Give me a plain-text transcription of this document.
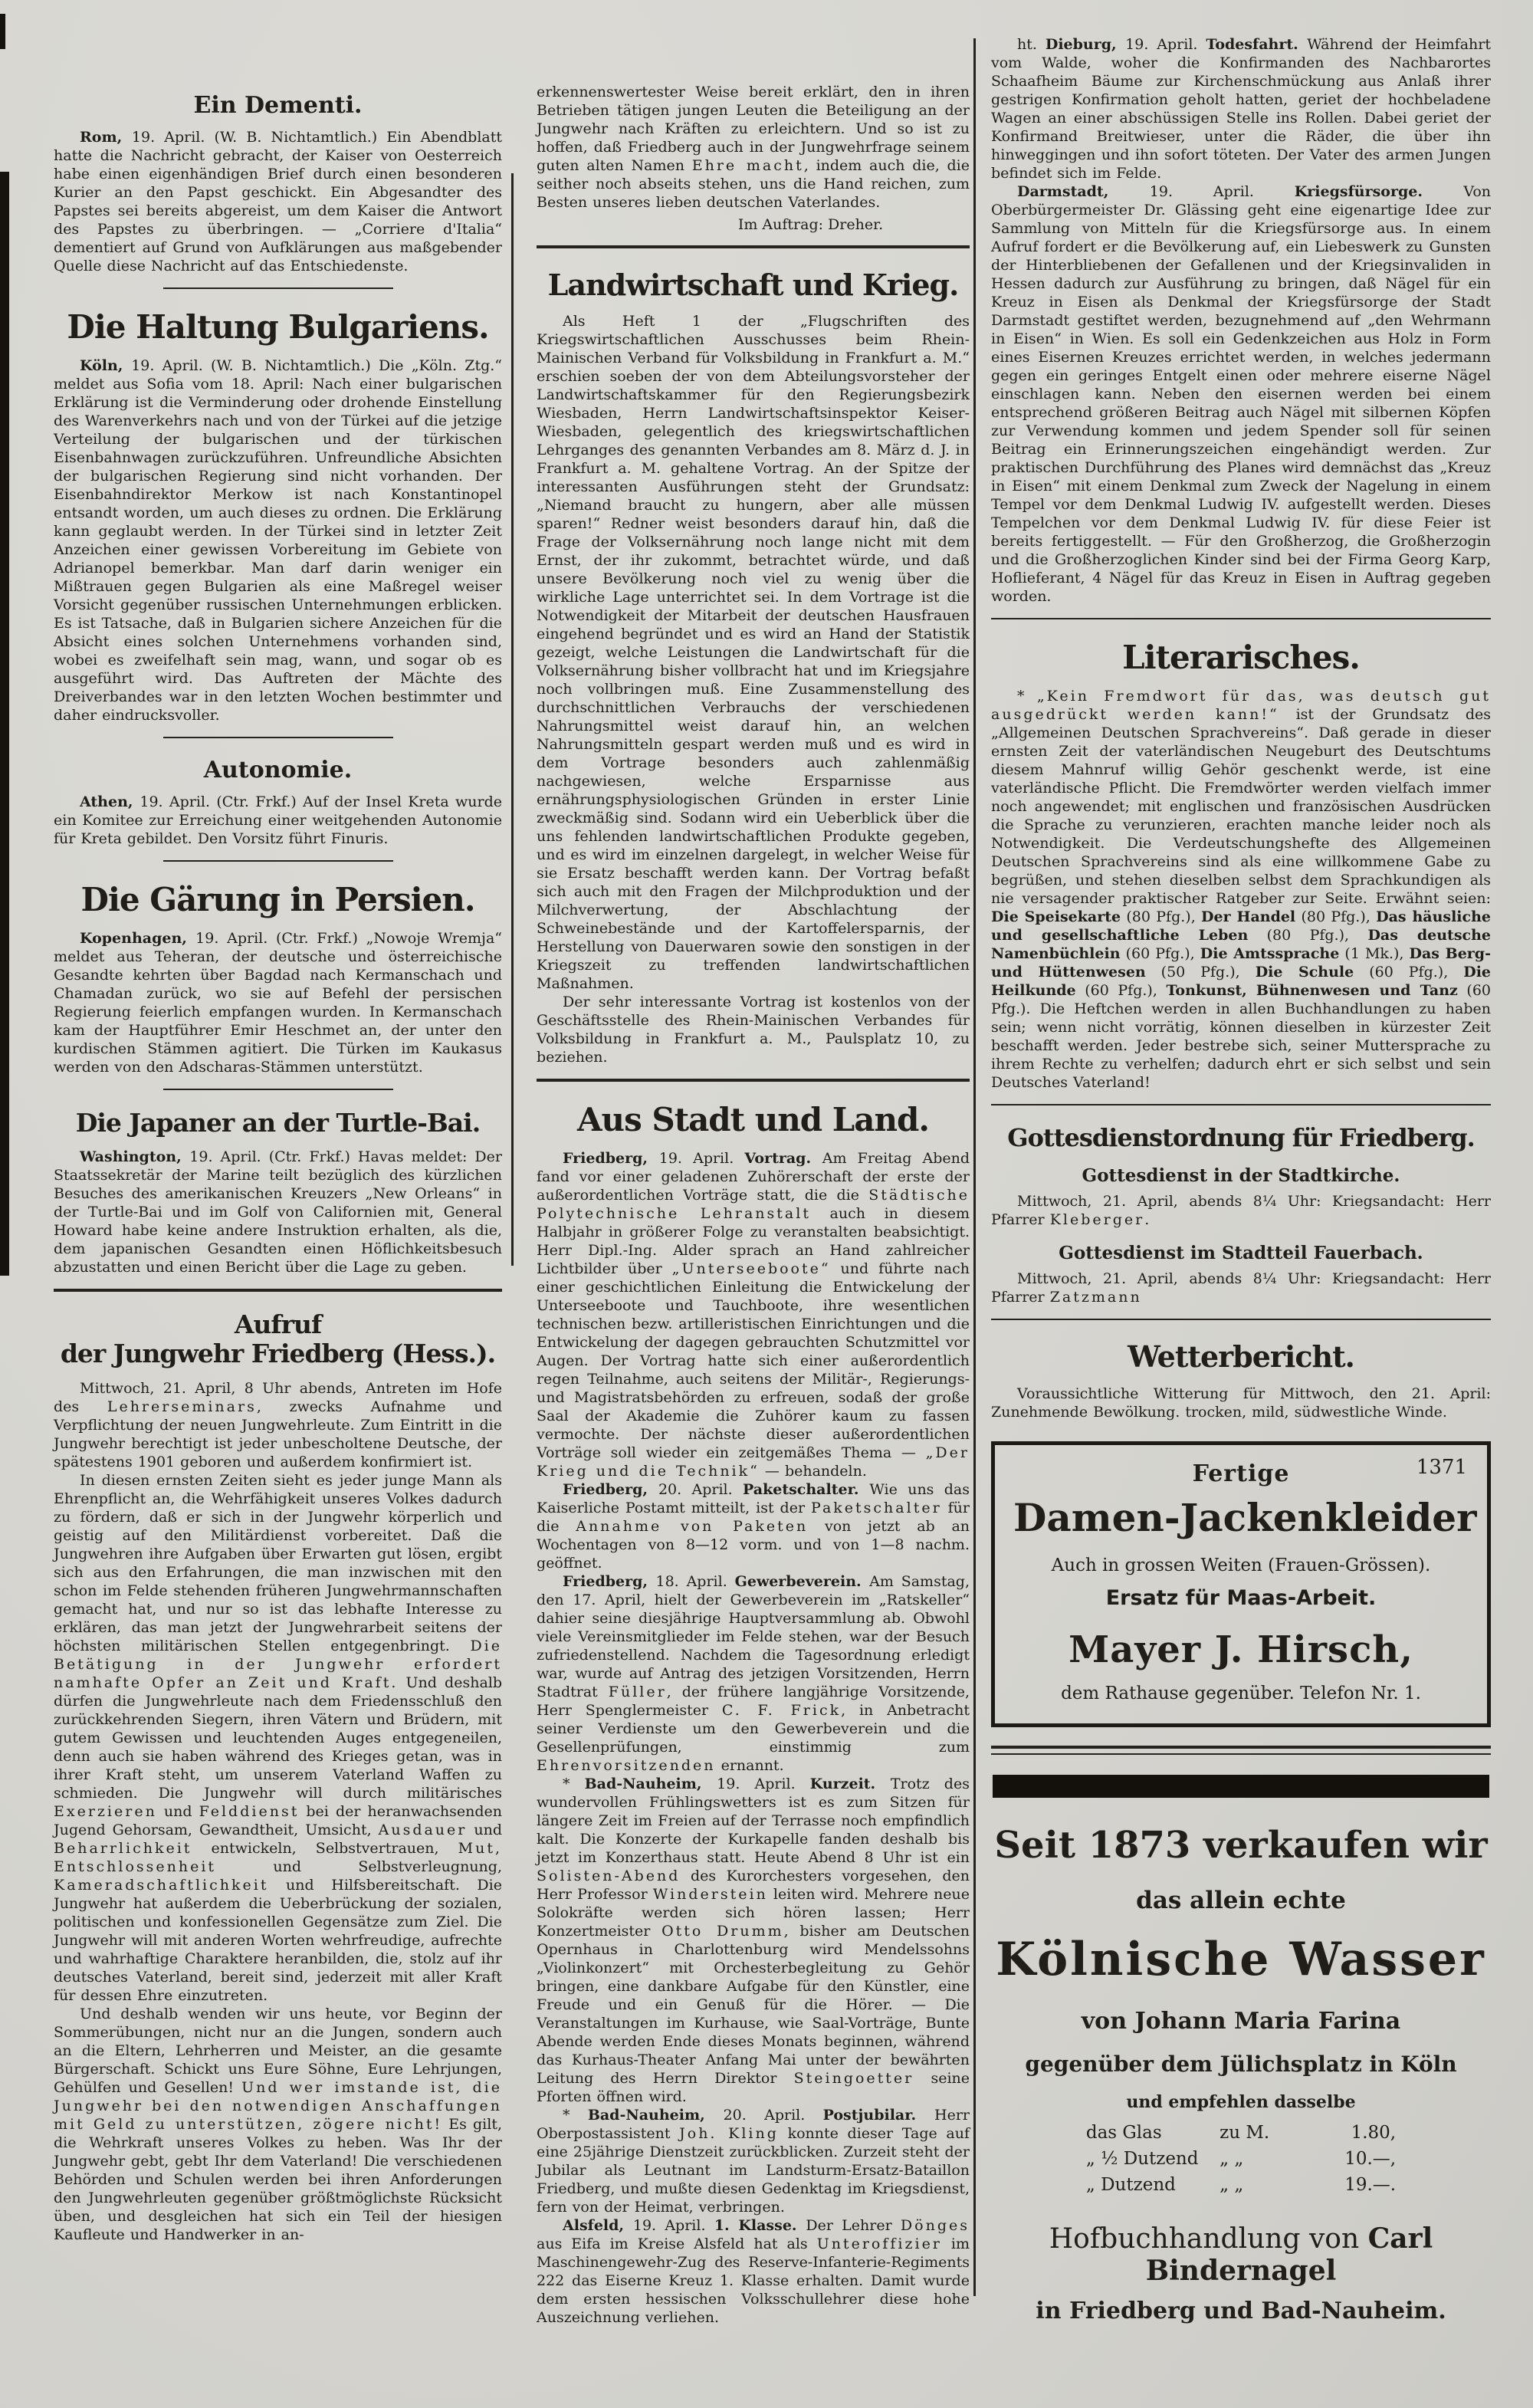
Ein Dementi.

Rom, 19. April. (W. B. Nichtamtlich.) Ein Abendblatt hatte die Nachricht gebracht, der Kaiser von Oesterreich habe einen eigenhändigen Brief durch einen besonderen Kurier an den Papst geschickt. Ein Abgesandter des Papstes sei bereits abgereist, um dem Kaiser die Antwort des Papstes zu überbringen. — „Corriere d'Italia“ dementiert auf Grund von Aufklärungen aus maßgebender Quelle diese Nachricht auf das Entschiedenste.

Die Haltung Bulgariens.

Köln, 19. April. (W. B. Nichtamtlich.) Die „Köln. Ztg.“ meldet aus Sofia vom 18. April: Nach einer bulgarischen Erklärung ist die Verminderung oder drohende Einstellung des Warenverkehrs nach und von der Türkei auf die jetzige Verteilung der bulgarischen und der türkischen Eisenbahnwagen zurückzuführen. Unfreundliche Absichten der bulgarischen Regierung sind nicht vorhanden. Der Eisenbahndirektor Merkow ist nach Konstantinopel entsandt worden, um auch dieses zu ordnen. Die Erklärung kann geglaubt werden. In der Türkei sind in letzter Zeit Anzeichen einer gewissen Vorbereitung im Gebiete von Adrianopel bemerkbar. Man darf darin weniger ein Mißtrauen gegen Bulgarien als eine Maßregel weiser Vorsicht gegenüber russischen Unternehmungen erblicken. Es ist Tatsache, daß in Bulgarien sichere Anzeichen für die Absicht eines solchen Unternehmens vorhanden sind, wobei es zweifelhaft sein mag, wann, und sogar ob es ausgeführt wird. Das Auftreten der Mächte des Dreiverbandes war in den letzten Wochen bestimmter und daher eindrucksvoller.

Autonomie.

Athen, 19. April. (Ctr. Frkf.) Auf der Insel Kreta wurde ein Komitee zur Erreichung einer weitgehenden Autonomie für Kreta gebildet. Den Vorsitz führt Finuris.

Die Gärung in Persien.

Kopenhagen, 19. April. (Ctr. Frkf.) „Nowoje Wremja“ meldet aus Teheran, der deutsche und österreichische Gesandte kehrten über Bagdad nach Kermanschach und Chamadan zurück, wo sie auf Befehl der persischen Regierung feierlich empfangen wurden. In Kermanschach kam der Hauptführer Emir Heschmet an, der unter den kurdischen Stämmen agitiert. Die Türken im Kaukasus werden von den Adscharas-Stämmen unterstützt.

Die Japaner an der Turtle-Bai.

Washington, 19. April. (Ctr. Frkf.) Havas meldet: Der Staatssekretär der Marine teilt bezüglich des kürzlichen Besuches des amerikanischen Kreuzers „New Orleans“ in der Turtle-Bai und im Golf von Californien mit, General Howard habe keine andere Instruktion erhalten, als die, dem japanischen Gesandten einen Höflichkeitsbesuch abzustatten und einen Bericht über die Lage zu geben.

Aufruf
der Jungwehr Friedberg (Hess.).

Mittwoch, 21. April, 8 Uhr abends, Antreten im Hofe des Lehrerseminars, zwecks Aufnahme und Verpflichtung der neuen Jungwehrleute. Zum Eintritt in die Jungwehr berechtigt ist jeder unbescholtene Deutsche, der spätestens 1901 geboren und außerdem konfirmiert ist.

In diesen ernsten Zeiten sieht es jeder junge Mann als Ehrenpflicht an, die Wehrfähigkeit unseres Volkes dadurch zu fördern, daß er sich in der Jungwehr körperlich und geistig auf den Militärdienst vorbereitet. Daß die Jungwehren ihre Aufgaben über Erwarten gut lösen, ergibt sich aus den Erfahrungen, die man inzwischen mit den schon im Felde stehenden früheren Jungwehrmannschaften gemacht hat, und nur so ist das lebhafte Interesse zu erklären, das man jetzt der Jungwehrarbeit seitens der höchsten militärischen Stellen entgegenbringt. Die Betätigung in der Jungwehr erfordert namhafte Opfer an Zeit und Kraft. Und deshalb dürfen die Jungwehrleute nach dem Friedensschluß den zurückkehrenden Siegern, ihren Vätern und Brüdern, mit gutem Gewissen und leuchtenden Auges entgegeneilen, denn auch sie haben während des Krieges getan, was in ihrer Kraft steht, um unserem Vaterland Waffen zu schmieden. Die Jungwehr will durch militärisches Exerzieren und Felddienst bei der heranwachsenden Jugend Gehorsam, Gewandtheit, Umsicht, Ausdauer und Beharrlichkeit entwickeln, Selbstvertrauen, Mut, Entschlossenheit und Selbstverleugnung, Kameradschaftlichkeit und Hilfsbereitschaft. Die Jungwehr hat außerdem die Ueberbrückung der sozialen, politischen und konfessionellen Gegensätze zum Ziel. Die Jungwehr will mit anderen Worten wehrfreudige, aufrechte und wahrhaftige Charaktere heranbilden, die, stolz auf ihr deutsches Vaterland, bereit sind, jederzeit mit aller Kraft für dessen Ehre einzutreten.

Und deshalb wenden wir uns heute, vor Beginn der Sommerübungen, nicht nur an die Jungen, sondern auch an die Eltern, Lehrherren und Meister, an die gesamte Bürgerschaft. Schickt uns Eure Söhne, Eure Lehrjungen, Gehülfen und Gesellen! Und wer imstande ist, die Jungwehr bei den notwendigen Anschaffungen mit Geld zu unterstützen, zögere nicht! Es gilt, die Wehrkraft unseres Volkes zu heben. Was Ihr der Jungwehr gebt, gebt Ihr dem Vaterland! Die verschiedenen Behörden und Schulen werden bei ihren Anforderungen den Jungwehrleuten gegenüber größtmöglichste Rücksicht üben, und desgleichen hat sich ein Teil der hiesigen Kaufleute und Handwerker in an-

erkennenswertester Weise bereit erklärt, den in ihren Betrieben tätigen jungen Leuten die Beteiligung an der Jungwehr nach Kräften zu erleichtern. Und so ist zu hoffen, daß Friedberg auch in der Jungwehrfrage seinem guten alten Namen Ehre macht, indem auch die, die seither noch abseits stehen, uns die Hand reichen, zum Besten unseres lieben deutschen Vaterlandes.

Im Auftrag: Dreher.
Landwirtschaft und Krieg.

Als Heft 1 der „Flugschriften des Kriegswirtschaftlichen Ausschusses beim Rhein-Mainischen Verband für Volksbildung in Frankfurt a. M.“ erschien soeben der von dem Abteilungsvorsteher der Landwirtschaftskammer für den Regierungsbezirk Wiesbaden, Herrn Landwirtschaftsinspektor Keiser-Wiesbaden, gelegentlich des kriegswirtschaftlichen Lehrganges des genannten Verbandes am 8. März d. J. in Frankfurt a. M. gehaltene Vortrag. An der Spitze der interessanten Ausführungen steht der Grundsatz: „Niemand braucht zu hungern, aber alle müssen sparen!“ Redner weist besonders darauf hin, daß die Frage der Volksernährung noch lange nicht mit dem Ernst, der ihr zukommt, betrachtet würde, und daß unsere Bevölkerung noch viel zu wenig über die wirkliche Lage unterrichtet sei. In dem Vortrage ist die Notwendigkeit der Mitarbeit der deutschen Hausfrauen eingehend begründet und es wird an Hand der Statistik gezeigt, welche Leistungen die Landwirtschaft für die Volksernährung bisher vollbracht hat und im Kriegsjahre noch vollbringen muß. Eine Zusammenstellung des durchschnittlichen Verbrauchs der verschiedenen Nahrungsmittel weist darauf hin, an welchen Nahrungsmitteln gespart werden muß und es wird in dem Vortrage besonders auch zahlenmäßig nachgewiesen, welche Ersparnisse aus ernährungsphysiologischen Gründen in erster Linie zweckmäßig sind. Sodann wird ein Ueberblick über die uns fehlenden landwirtschaftlichen Produkte gegeben, und es wird im einzelnen dargelegt, in welcher Weise für sie Ersatz beschafft werden kann. Der Vortrag befaßt sich auch mit den Fragen der Milchproduktion und der Milchverwertung, der Abschlachtung der Schweinebestände und der Kartoffelersparnis, der Herstellung von Dauerwaren sowie den sonstigen in der Kriegszeit zu treffenden landwirtschaftlichen Maßnahmen.

Der sehr interessante Vortrag ist kostenlos von der Geschäftsstelle des Rhein-Mainischen Verbandes für Volksbildung in Frankfurt a. M., Paulsplatz 10, zu beziehen.

Aus Stadt und Land.

Friedberg, 19. April. Vortrag. Am Freitag Abend fand vor einer geladenen Zuhörerschaft der erste der außerordentlichen Vorträge statt, die die Städtische Polytechnische Lehranstalt auch in diesem Halbjahr in größerer Folge zu veranstalten beabsichtigt. Herr Dipl.-Ing. Alder sprach an Hand zahlreicher Lichtbilder über „Unterseeboote“ und führte nach einer geschichtlichen Einleitung die Entwickelung der Unterseeboote und Tauchboote, ihre wesentlichen technischen bezw. artilleristischen Einrichtungen und die Entwickelung der dagegen gebrauchten Schutzmittel vor Augen. Der Vortrag hatte sich einer außerordentlich regen Teilnahme, auch seitens der Militär-, Regierungs- und Magistratsbehörden zu erfreuen, sodaß der große Saal der Akademie die Zuhörer kaum zu fassen vermochte. Der nächste dieser außerordentlichen Vorträge soll wieder ein zeitgemäßes Thema — „Der Krieg und die Technik“ — behandeln.

Friedberg, 20. April. Paketschalter. Wie uns das Kaiserliche Postamt mitteilt, ist der Paketschalter für die Annahme von Paketen von jetzt ab an Wochentagen von 8—12 vorm. und von 1—8 nachm. geöffnet.

Friedberg, 18. April. Gewerbeverein. Am Samstag, den 17. April, hielt der Gewerbeverein im „Ratskeller“ dahier seine diesjährige Hauptversammlung ab. Obwohl viele Vereinsmitglieder im Felde stehen, war der Besuch zufriedenstellend. Nachdem die Tagesordnung erledigt war, wurde auf Antrag des jetzigen Vorsitzenden, Herrn Stadtrat Füller, der frühere langjährige Vorsitzende, Herr Spenglermeister C. F. Frick, in Anbetracht seiner Verdienste um den Gewerbeverein und die Gesellenprüfungen, einstimmig zum Ehrenvorsitzenden ernannt.

* Bad-Nauheim, 19. April. Kurzeit. Trotz des wundervollen Frühlingswetters ist es zum Sitzen für längere Zeit im Freien auf der Terrasse noch empfindlich kalt. Die Konzerte der Kurkapelle fanden deshalb bis jetzt im Konzerthaus statt. Heute Abend 8 Uhr ist ein Solisten-Abend des Kurorchesters vorgesehen, den Herr Professor Winderstein leiten wird. Mehrere neue Solokräfte werden sich hören lassen; Herr Konzertmeister Otto Drumm, bisher am Deutschen Opernhaus in Charlottenburg wird Mendelssohns „Violinkonzert“ mit Orchesterbegleitung zu Gehör bringen, eine dankbare Aufgabe für den Künstler, eine Freude und ein Genuß für die Hörer. — Die Veranstaltungen im Kurhause, wie Saal-Vorträge, Bunte Abende werden Ende dieses Monats beginnen, während das Kurhaus-Theater Anfang Mai unter der bewährten Leitung des Herrn Direktor Steingoetter seine Pforten öffnen wird.

* Bad-Nauheim, 20. April. Postjubilar. Herr Oberpostassistent Joh. Kling konnte dieser Tage auf eine 25jährige Dienstzeit zurückblicken. Zurzeit steht der Jubilar als Leutnant im Landsturm-Ersatz-Bataillon Friedberg, und mußte diesen Gedenktag im Kriegsdienst, fern von der Heimat, verbringen.

Alsfeld, 19. April. 1. Klasse. Der Lehrer Dönges aus Eifa im Kreise Alsfeld hat als Unteroffizier im Maschinengewehr-Zug des Reserve-Infanterie-Regiments 222 das Eiserne Kreuz 1. Klasse erhalten. Damit wurde dem ersten hessischen Volksschullehrer diese hohe Auszeichnung verliehen.

ht. Dieburg, 19. April. Todesfahrt. Während der Heimfahrt vom Walde, woher die Konfirmanden des Nachbarortes Schaafheim Bäume zur Kirchenschmückung aus Anlaß ihrer gestrigen Konfirmation geholt hatten, geriet der hochbeladene Wagen an einer abschüssigen Stelle ins Rollen. Dabei geriet der Konfirmand Breitwieser, unter die Räder, die über ihn hinweggingen und ihn sofort töteten. Der Vater des armen Jungen befindet sich im Felde.

Darmstadt, 19. April. Kriegsfürsorge. Von Oberbürgermeister Dr. Glässing geht eine eigenartige Idee zur Sammlung von Mitteln für die Kriegsfürsorge aus. In einem Aufruf fordert er die Bevölkerung auf, ein Liebeswerk zu Gunsten der Hinterbliebenen der Gefallenen und der Kriegsinvaliden in Hessen dadurch zur Ausführung zu bringen, daß Nägel für ein Kreuz in Eisen als Denkmal der Kriegsfürsorge der Stadt Darmstadt gestiftet werden, bezugnehmend auf „den Wehrmann in Eisen“ in Wien. Es soll ein Gedenkzeichen aus Holz in Form eines Eisernen Kreuzes errichtet werden, in welches jedermann gegen ein geringes Entgelt einen oder mehrere eiserne Nägel einschlagen kann. Neben den eisernen werden bei einem entsprechend größeren Beitrag auch Nägel mit silbernen Köpfen zur Verwendung kommen und jedem Spender soll für seinen Beitrag ein Erinnerungszeichen eingehändigt werden. Zur praktischen Durchführung des Planes wird demnächst das „Kreuz in Eisen“ mit einem Denkmal zum Zweck der Nagelung in einem Tempel vor dem Denkmal Ludwig IV. aufgestellt werden. Dieses Tempelchen vor dem Denkmal Ludwig IV. für diese Feier ist bereits fertiggestellt. — Für den Großherzog, die Großherzogin und die Großherzoglichen Kinder sind bei der Firma Georg Karp, Hoflieferant, 4 Nägel für das Kreuz in Eisen in Auftrag gegeben worden.

Literarisches.

* „Kein Fremdwort für das, was deutsch gut ausgedrückt werden kann!“ ist der Grundsatz des „Allgemeinen Deutschen Sprachvereins“. Daß gerade in dieser ernsten Zeit der vaterländischen Neugeburt des Deutschtums diesem Mahnruf willig Gehör geschenkt werde, ist eine vaterländische Pflicht. Die Fremdwörter werden vielfach immer noch angewendet; mit englischen und französischen Ausdrücken die Sprache zu verunzieren, erachten manche leider noch als Notwendigkeit. Die Verdeutschungshefte des Allgemeinen Deutschen Sprachvereins sind als eine willkommene Gabe zu begrüßen, und stehen dieselben selbst dem Sprachkundigen als nie versagender praktischer Ratgeber zur Seite. Erwähnt seien: Die Speisekarte (80 Pfg.), Der Handel (80 Pfg.), Das häusliche und gesellschaftliche Leben (80 Pfg.), Das deutsche Namenbüchlein (60 Pfg.), Die Amtssprache (1 Mk.), Das Berg- und Hüttenwesen (50 Pfg.), Die Schule (60 Pfg.), Die Heilkunde (60 Pfg.), Tonkunst, Bühnenwesen und Tanz (60 Pfg.). Die Heftchen werden in allen Buchhandlungen zu haben sein; wenn nicht vorrätig, können dieselben in kürzester Zeit beschafft werden. Jeder bestrebe sich, seiner Muttersprache zu ihrem Rechte zu verhelfen; dadurch ehrt er sich selbst und sein Deutsches Vaterland!

Gottesdienstordnung für Friedberg.
Gottesdienst in der Stadtkirche.

Mittwoch, 21. April, abends 8¼ Uhr: Kriegsandacht: Herr Pfarrer Kleberger.

Gottesdienst im Stadtteil Fauerbach.

Mittwoch, 21. April, abends 8¼ Uhr: Kriegsandacht: Herr Pfarrer Zatzmann

Wetterbericht.

Voraussichtliche Witterung für Mittwoch, den 21. April: Zunehmende Bewölkung. trocken, mild, südwestliche Winde.

1371
Fertige
Damen-Jackenkleider
Auch in grossen Weiten (Frauen-Grössen).
Ersatz für Maas-Arbeit.
Mayer J. Hirsch,
dem Rathause gegenüber. Telefon Nr. 1.
Seit 1873 verkaufen wir
das allein echte
Kölnische Wasser
von Johann Maria Farina
gegenüber dem Jülichsplatz in Köln
und empfehlen dasselbe
das Glas	zu M.	1.80,
„ ½ Dutzend	„ „	10.—,
„ Dutzend	„ „	19.—.
Hofbuchhandlung von Carl Bindernagel
in Friedberg und Bad-Nauheim.
